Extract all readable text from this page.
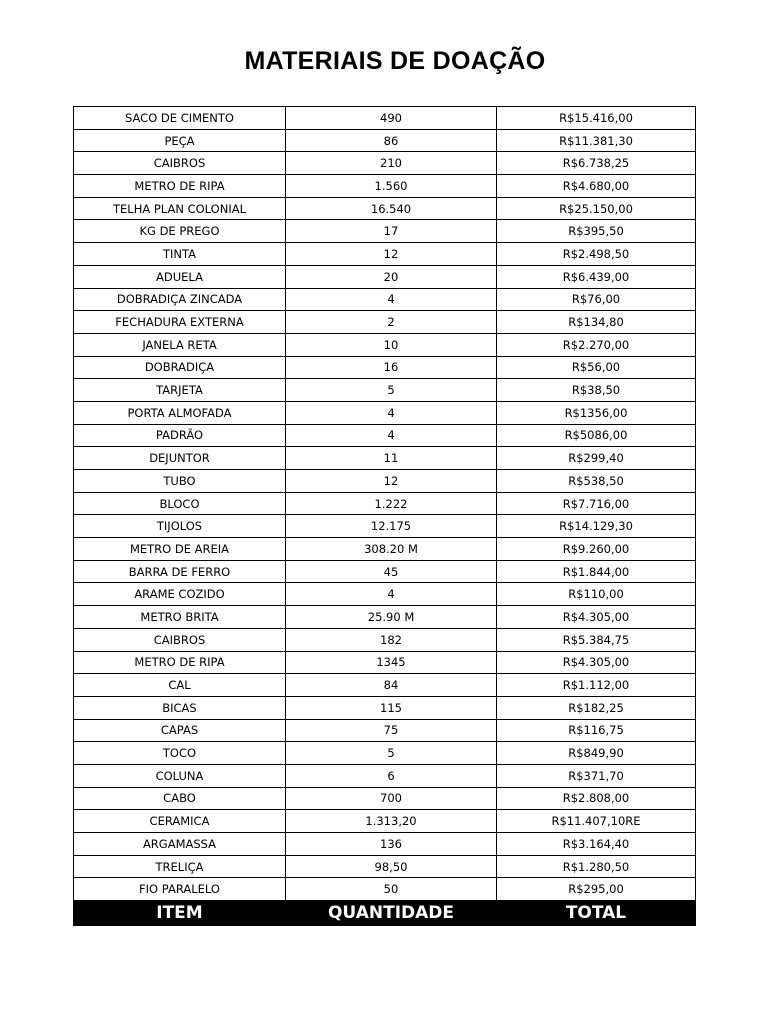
MATERIAIS DE DOAÇÃO
SACO DE CIMENTO	490	R$15.416,00
PEÇA	86	R$11.381,30
CAIBROS	210	R$6.738,25
METRO DE RIPA	1.560	R$4.680,00
TELHA PLAN COLONIAL	16.540	R$25.150,00
KG DE PREGO	17	R$395,50
TINTA	12	R$2.498,50
ADUELA	20	R$6.439,00
DOBRADIÇA ZINCADA	4	R$76,00
FECHADURA EXTERNA	2	R$134,80
JANELA RETA	10	R$2.270,00
DOBRADIÇA	16	R$56,00
TARJETA	5	R$38,50
PORTA ALMOFADA	4	R$1356,00
PADRÃO	4	R$5086,00
DEJUNTOR	11	R$299,40
TUBO	12	R$538,50
BLOCO	1.222	R$7.716,00
TIJOLOS	12.175	R$14.129,30
METRO DE AREIA	308.20 M	R$9.260,00
BARRA DE FERRO	45	R$1.844,00
ARAME COZIDO	4	R$110,00
METRO BRITA	25.90 M	R$4.305,00
CAIBROS	182	R$5.384,75
METRO DE RIPA	1345	R$4.305,00
CAL	84	R$1.112,00
BICAS	115	R$182,25
CAPAS	75	R$116,75
TOCO	5	R$849,90
COLUNA	6	R$371,70
CABO	700	R$2.808,00
CERAMICA	1.313,20	R$11.407,10RE
ARGAMASSA	136	R$3.164,40
TRELIÇA	98,50	R$1.280,50
FIO PARALELO	50	R$295,00
ITEM	QUANTIDADE	TOTAL
